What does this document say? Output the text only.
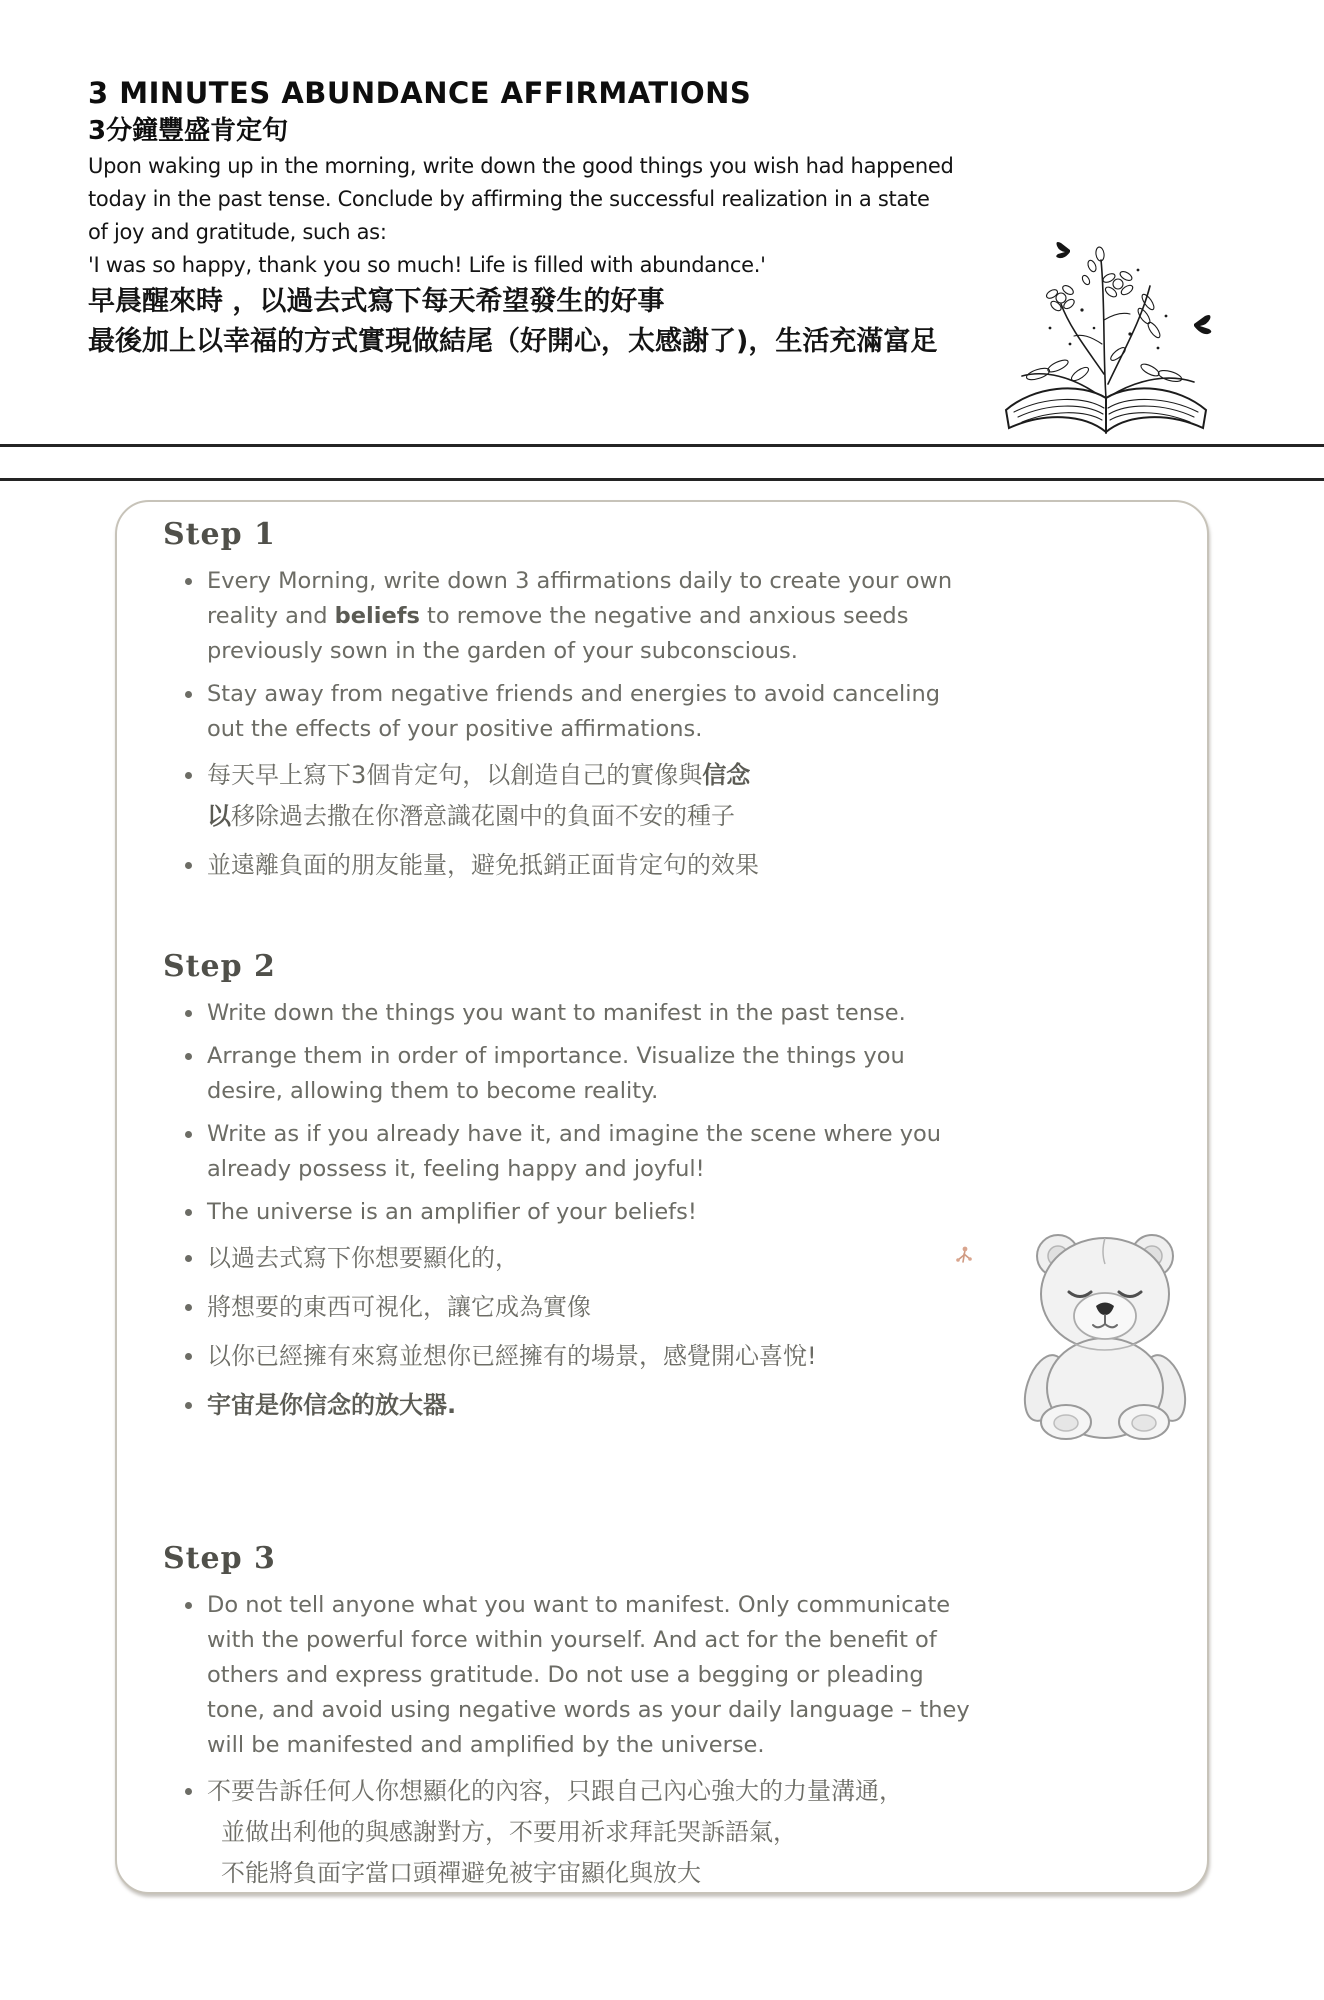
3 MINUTES ABUNDANCE AFFIRMATIONS
3分鐘豐盛肯定句
Upon waking up in the morning, write down the good things you wish had happened
today in the past tense. Conclude by affirming the successful realization in a state
of joy and gratitude, such as:
'I was so happy, thank you so much! Life is filled with abundance.'
早晨醒來時 ，以過去式寫下每天希望發生的好事
最後加上以幸福的方式實現做結尾（好開心，太感謝了)，生活充滿富足
Step 1
Every Morning, write down 3 affirmations daily to create your own
reality and beliefs to remove the negative and anxious seeds
previously sown in the garden of your subconscious.
Stay away from negative friends and energies to avoid canceling
out the effects of your positive affirmations.
每天早上寫下3個肯定句，以創造自己的實像與信念
以移除過去撒在你潛意識花園中的負面不安的種子
並遠離負面的朋友能量，避免抵銷正面肯定句的效果
Step 2
Write down the things you want to manifest in the past tense.
Arrange them in order of importance. Visualize the things you
desire, allowing them to become reality.
Write as if you already have it, and imagine the scene where you
already possess it, feeling happy and joyful!
The universe is an amplifier of your beliefs!
以過去式寫下你想要顯化的，
將想要的東西可視化，讓它成為實像
以你已經擁有來寫並想你已經擁有的場景，感覺開心喜悅!
宇宙是你信念的放大器.
Step 3
Do not tell anyone what you want to manifest. Only communicate
with the powerful force within yourself. And act for the benefit of
others and express gratitude. Do not use a begging or pleading
tone, and avoid using negative words as your daily language – they
will be manifested and amplified by the universe.
不要告訴任何人你想顯化的內容，只跟自己內心強大的力量溝通，
並做出利他的與感謝對方，不要用祈求拜託哭訴語氣，
不能將負面字當口頭禪避免被宇宙顯化與放大
